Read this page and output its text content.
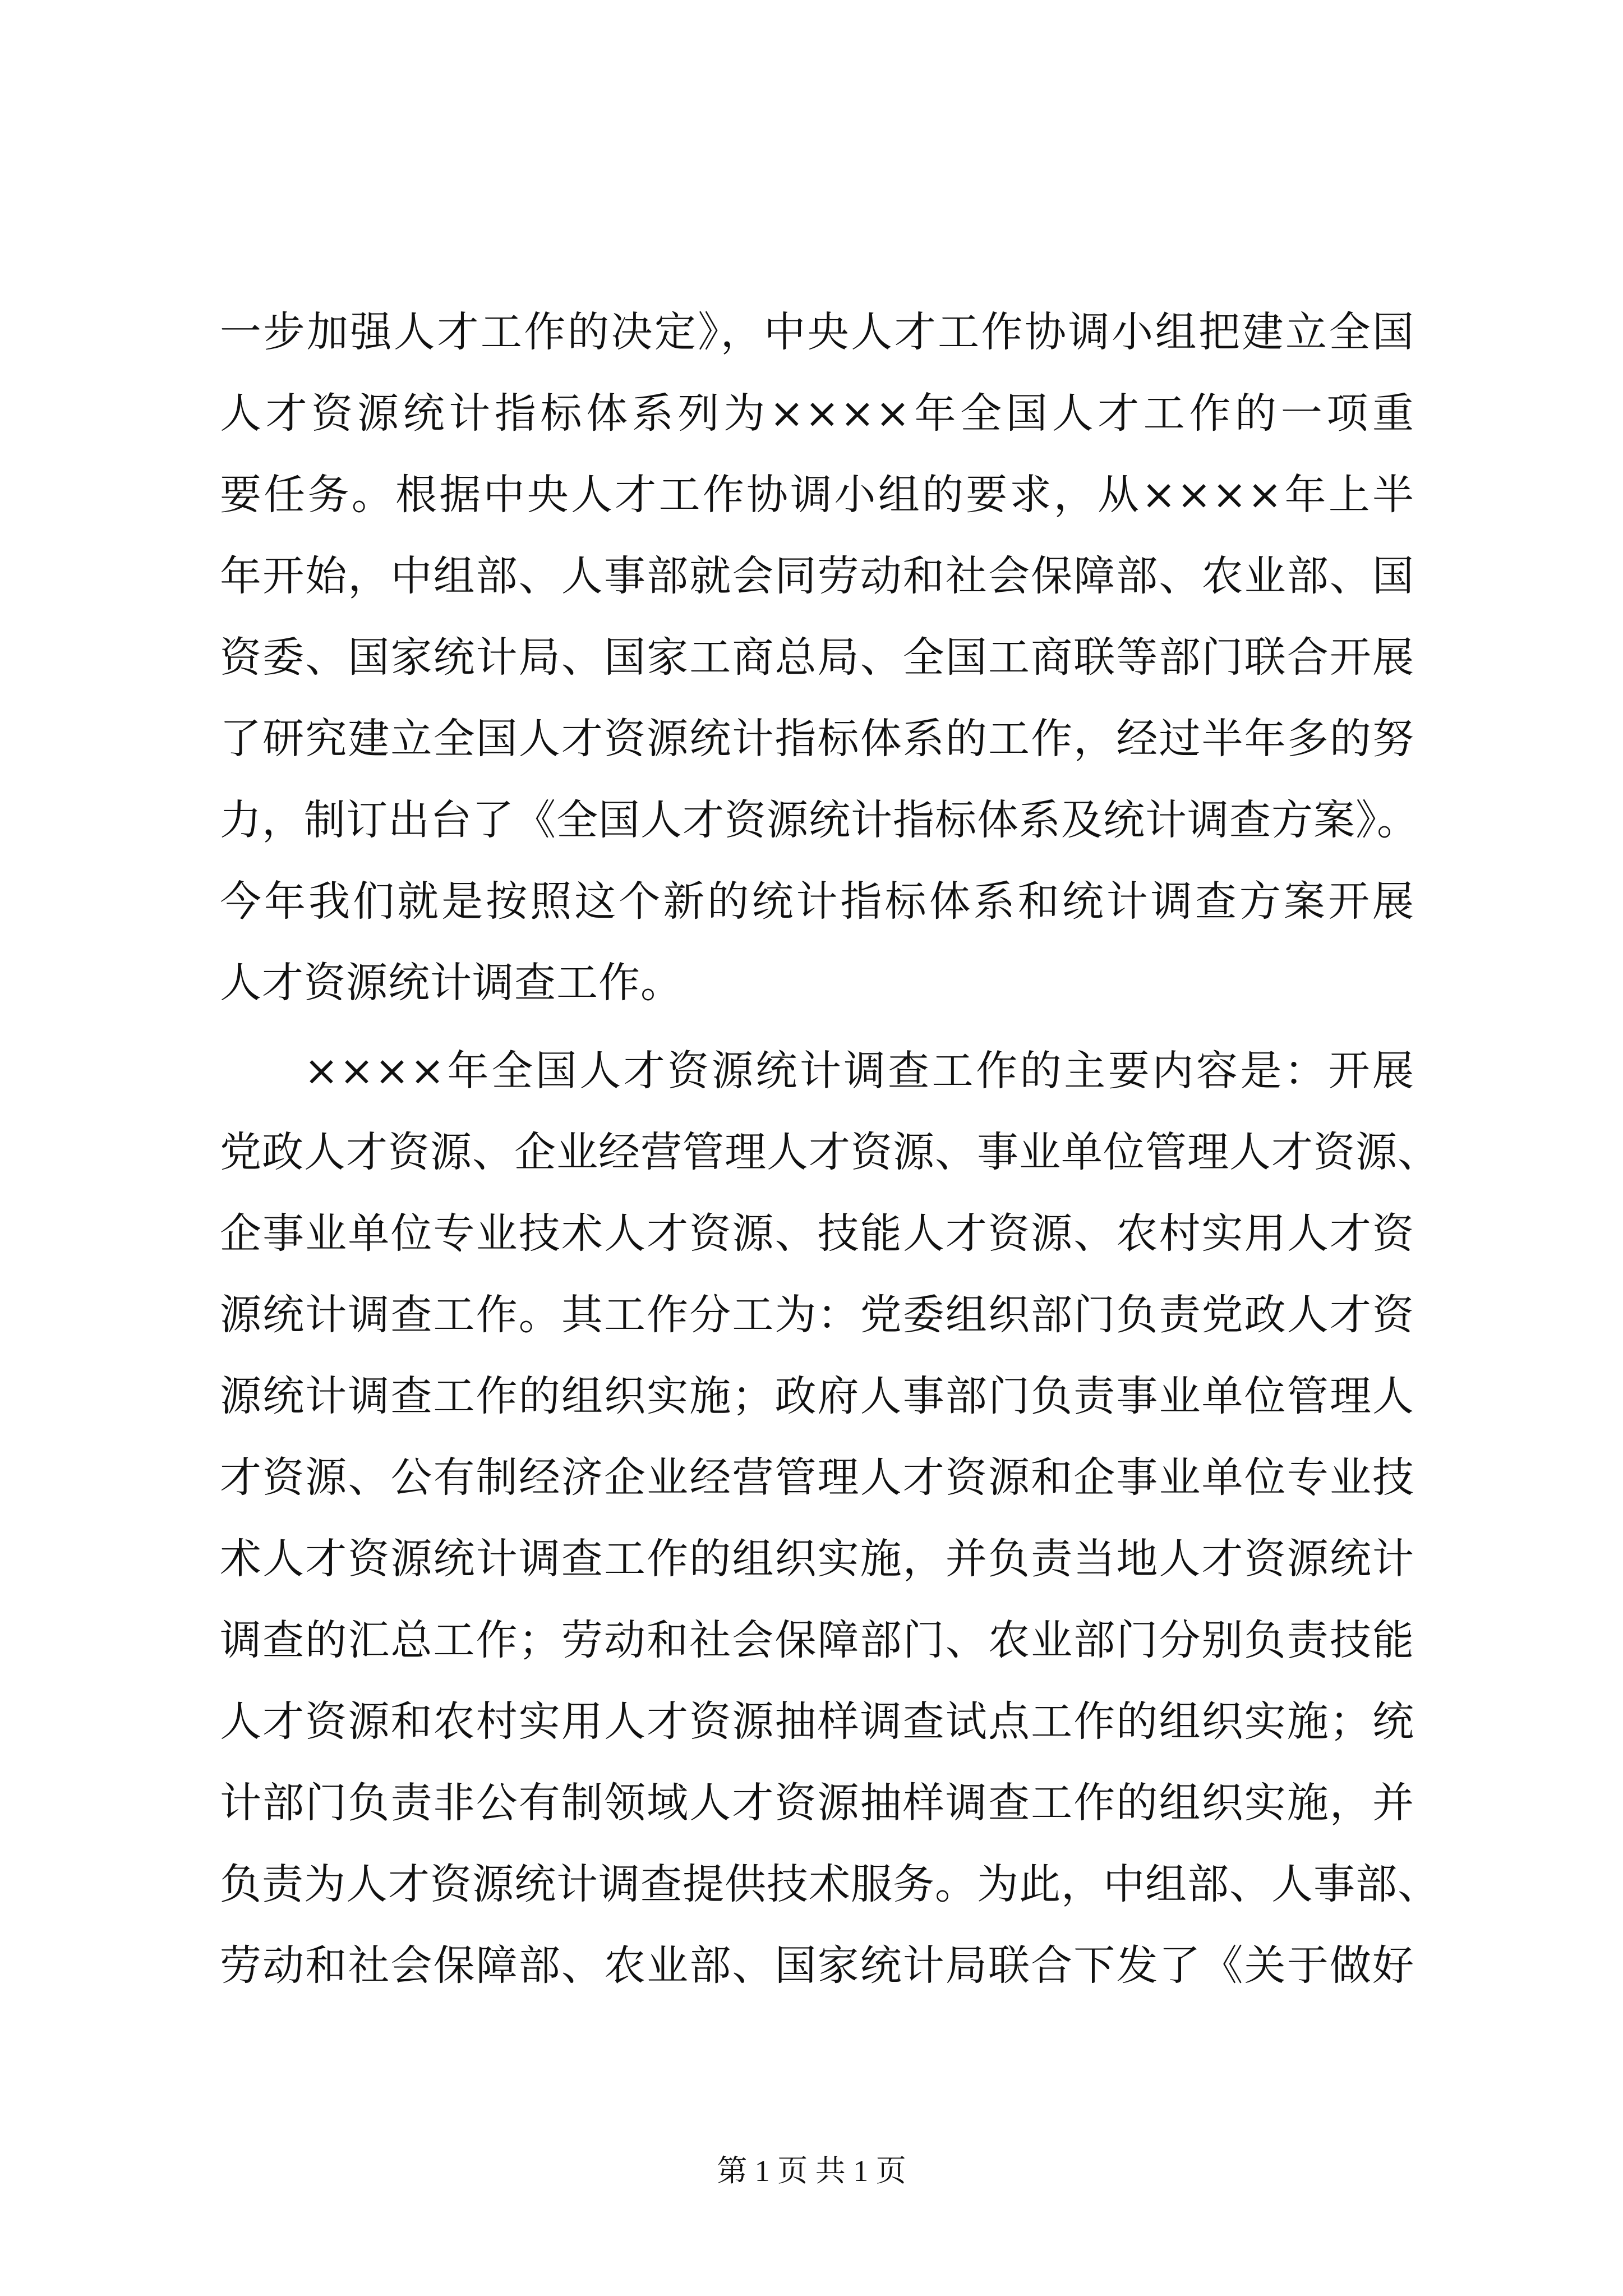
一步加强人才工作的决定》，中央人才工作协调小组把建立全国
人才资源统计指标体系列为××××年全国人才工作的一项重
要任务。根据中央人才工作协调小组的要求，从××××年上半
年开始，中组部、人事部就会同劳动和社会保障部、农业部、国
资委、国家统计局、国家工商总局、全国工商联等部门联合开展
了研究建立全国人才资源统计指标体系的工作，经过半年多的努
力，制订出台了《全国人才资源统计指标体系及统计调查方案》。
今年我们就是按照这个新的统计指标体系和统计调查方案开展
人才资源统计调查工作。
××××年全国人才资源统计调查工作的主要内容是：开展
党政人才资源、企业经营管理人才资源、事业单位管理人才资源、
企事业单位专业技术人才资源、技能人才资源、农村实用人才资
源统计调查工作。其工作分工为：党委组织部门负责党政人才资
源统计调查工作的组织实施；政府人事部门负责事业单位管理人
才资源、公有制经济企业经营管理人才资源和企事业单位专业技
术人才资源统计调查工作的组织实施，并负责当地人才资源统计
调查的汇总工作；劳动和社会保障部门、农业部门分别负责技能
人才资源和农村实用人才资源抽样调查试点工作的组织实施；统
计部门负责非公有制领域人才资源抽样调查工作的组织实施，并
负责为人才资源统计调查提供技术服务。为此，中组部、人事部、
劳动和社会保障部、农业部、国家统计局联合下发了《关于做好
第 1 页 共 1 页
